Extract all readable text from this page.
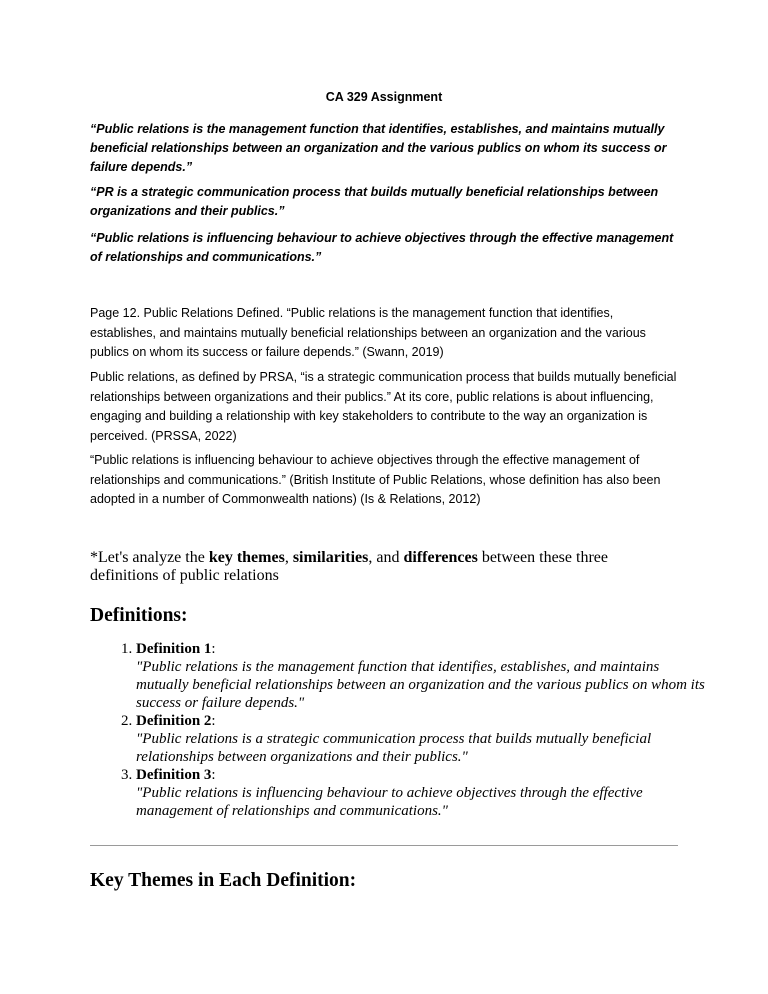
CA 329 Assignment
“Public relations is the management function that identifies, establishes, and maintains mutually beneficial relationships between an organization and the various publics on whom its success or failure depends.”
“PR is a strategic communication process that builds mutually beneficial relationships between organizations and their publics.”
“Public relations is influencing behaviour to achieve objectives through the effective management of relationships and communications.”
Page 12. Public Relations Defined. “Public relations is the management function that identifies, establishes, and maintains mutually beneficial relationships between an organization and the various publics on whom its success or failure depends.” (Swann, 2019)
Public relations, as defined by PRSA, “is a strategic communication process that builds mutually beneficial relationships between organizations and their publics.” At its core, public relations is about influencing, engaging and building a relationship with key stakeholders to contribute to the way an organization is perceived. (PRSSA, 2022)
“Public relations is influencing behaviour to achieve objectives through the effective management of relationships and communications.” (British Institute of Public Relations, whose definition has also been adopted in a number of Commonwealth nations) (Is & Relations, 2012)
*Let's analyze the key themes, similarities, and differences between these three definitions of public relations
Definitions:
1. Definition 1:
"Public relations is the management function that identifies, establishes, and maintains mutually beneficial relationships between an organization and the various publics on whom its success or failure depends."
2. Definition 2:
"Public relations is a strategic communication process that builds mutually beneficial relationships between organizations and their publics."
3. Definition 3:
"Public relations is influencing behaviour to achieve objectives through the effective management of relationships and communications."
Key Themes in Each Definition:
